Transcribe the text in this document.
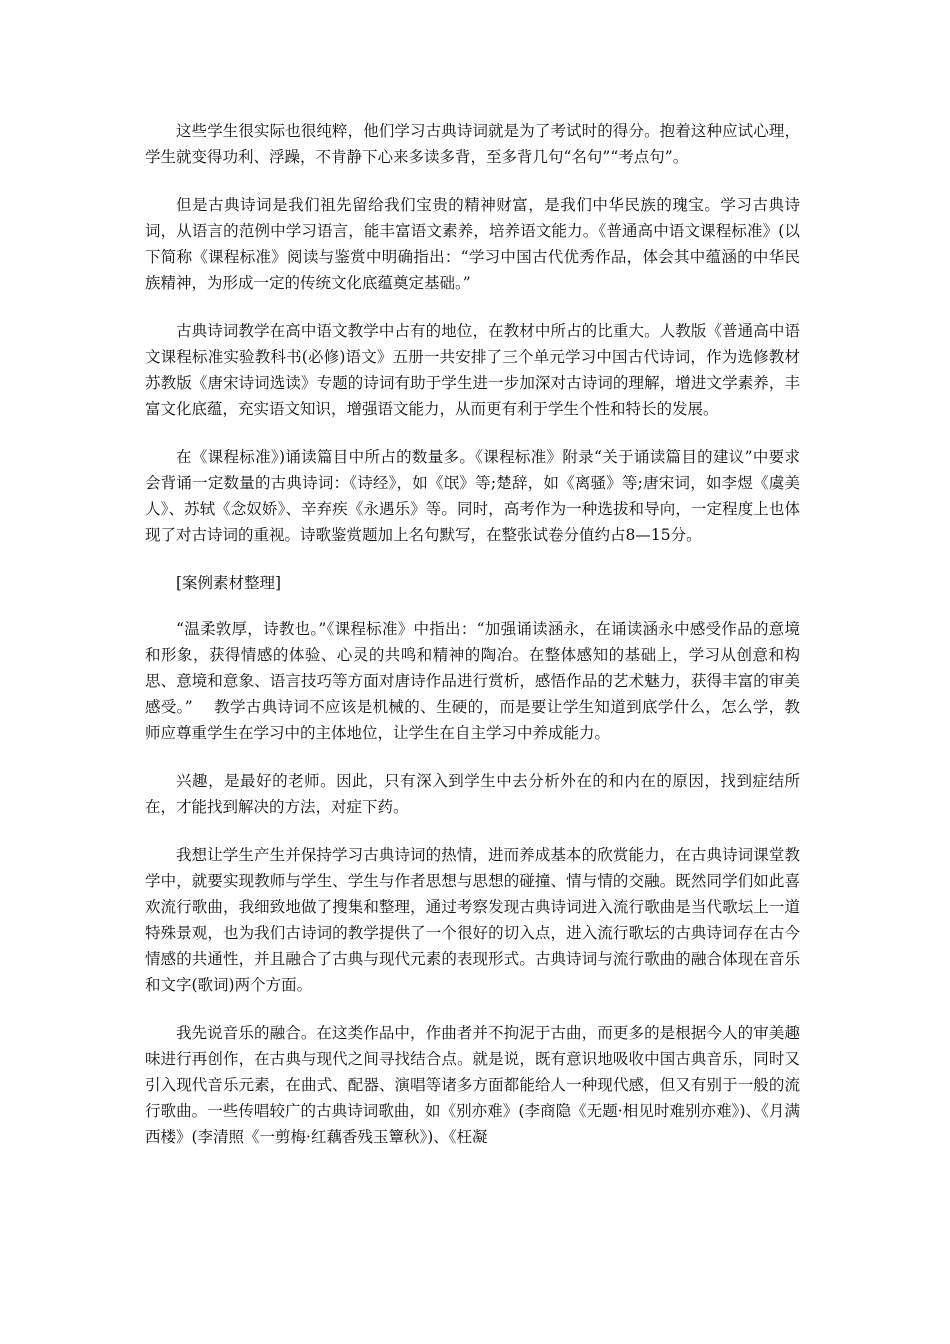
这些学生很实际也很纯粹，他们学习古典诗词就是为了考试时的得分。抱着这种应试心理，学生就变得功利、浮躁，不肯静下心来多读多背，至多背几句“名句”“考点句”。

但是古典诗词是我们祖先留给我们宝贵的精神财富，是我们中华民族的瑰宝。学习古典诗词，从语言的范例中学习语言，能丰富语文素养，培养语文能力。《普通高中语文课程标准》(以下简称《课程标准》阅读与鉴赏中明确指出：“学习中国古代优秀作品，体会其中蕴涵的中华民族精神，为形成一定的传统文化底蕴奠定基础。”

古典诗词教学在高中语文教学中占有的地位，在教材中所占的比重大。人教版《普通高中语文课程标准实验教科书(必修)语文》五册一共安排了三个单元学习中国古代诗词，作为选修教材苏教版《唐宋诗词选读》专题的诗词有助于学生进一步加深对古诗词的理解，增进文学素养，丰富文化底蕴，充实语文知识，增强语文能力，从而更有利于学生个性和特长的发展。

在《课程标准》)诵读篇目中所占的数量多。《课程标准》附录“关于诵读篇目的建议”中要求会背诵一定数量的古典诗词：《诗经》，如《氓》等;楚辞，如《离骚》等;唐宋词，如李煜《虞美人》、苏轼《念奴娇》、辛弃疾《永遇乐》等。同时，高考作为一种选拔和导向，一定程度上也体现了对古诗词的重视。诗歌鉴赏题加上名句默写，在整张试卷分值约占8—15分。

[案例素材整理]

“温柔敦厚，诗教也。”《课程标准》中指出：“加强诵读涵永，在诵读涵永中感受作品的意境和形象，获得情感的体验、心灵的共鸣和精神的陶冶。在整体感知的基础上，学习从创意和构思、意境和意象、语言技巧等方面对唐诗作品进行赏析，感悟作品的艺术魅力，获得丰富的审美感受。”　 教学古典诗词不应该是机械的、生硬的，而是要让学生知道到底学什么，怎么学，教师应尊重学生在学习中的主体地位，让学生在自主学习中养成能力。

兴趣，是最好的老师。因此，只有深入到学生中去分析外在的和内在的原因，找到症结所在，才能找到解决的方法，对症下药。

我想让学生产生并保持学习古典诗词的热情，进而养成基本的欣赏能力，在古典诗词课堂教学中，就要实现教师与学生、学生与作者思想与思想的碰撞、情与情的交融。既然同学们如此喜欢流行歌曲，我细致地做了搜集和整理，通过考察发现古典诗词进入流行歌曲是当代歌坛上一道特殊景观，也为我们古诗词的教学提供了一个很好的切入点，进入流行歌坛的古典诗词存在古今情感的共通性，并且融合了古典与现代元素的表现形式。古典诗词与流行歌曲的融合体现在音乐和文字(歌词)两个方面。

我先说音乐的融合。在这类作品中，作曲者并不拘泥于古曲，而更多的是根据今人的审美趣味进行再创作，在古典与现代之间寻找结合点。就是说，既有意识地吸收中国古典音乐，同时又引入现代音乐元素，在曲式、配器、演唱等诸多方面都能给人一种现代感，但又有别于一般的流行歌曲。一些传唱较广的古典诗词歌曲，如《别亦难》(李商隐《无题·相见时难别亦难》)、《月满西楼》(李清照《一剪梅·红藕香残玉簟秋》)、《枉凝
